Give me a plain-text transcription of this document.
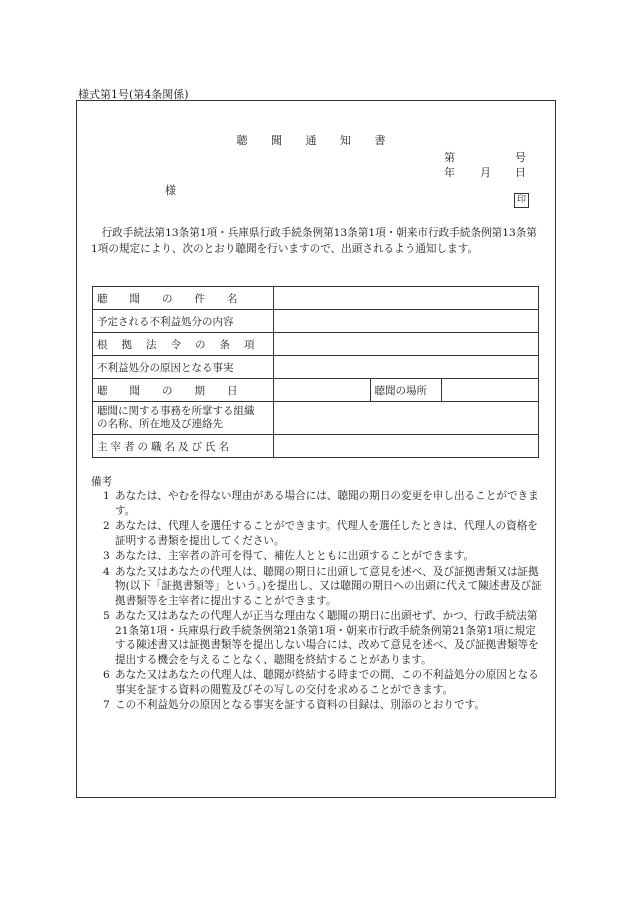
様式第1号(第4条関係)
聴 聞 通 知 書
第	号
年 月 日
様
印

行政手続法第13条第1項・兵庫県行政手続条例第13条第1項・朝来市行政手続条例第13条第1項の規定により、次のとおり聴聞を行いますので、出頭されるよう通知します。

聴聞の件名			
予定される不利益処分の内容			
根拠法令の条項			
不利益処分の原因となる事実			
聴聞の期日		聴聞の場所	

聴聞に関する事務を所掌する組織の名称、所在地及び連絡先			

主宰者の職名及び氏名			
備考
1 あなたは、やむを得ない理由がある場合には、聴聞の期日の変更を申し出ることができます。
2 あなたは、代理人を選任することができます。代理人を選任したときは、代理人の資格を証明する書類を提出してください。
3 あなたは、主宰者の許可を得て、補佐人とともに出頭することができます。
4 あなた又はあなたの代理人は、聴聞の期日に出頭して意見を述べ、及び証拠書類又は証拠物(以下「証拠書類等」という。)を提出し、又は聴聞の期日への出頭に代えて陳述書及び証拠書類等を主宰者に提出することができます。
5 あなた又はあなたの代理人が正当な理由なく聴聞の期日に出頭せず、かつ、行政手続法第21条第1項・兵庫県行政手続条例第21条第1項・朝来市行政手続条例第21条第1項に規定する陳述書又は証拠書類等を提出しない場合には、改めて意見を述べ、及び証拠書類等を提出する機会を与えることなく、聴聞を終結することがあります。
6 あなた又はあなたの代理人は、聴聞が終結する時までの間、この不利益処分の原因となる事実を証する資料の閲覧及びその写しの交付を求めることができます。
7 この不利益処分の原因となる事実を証する資料の目録は、別添のとおりです。
